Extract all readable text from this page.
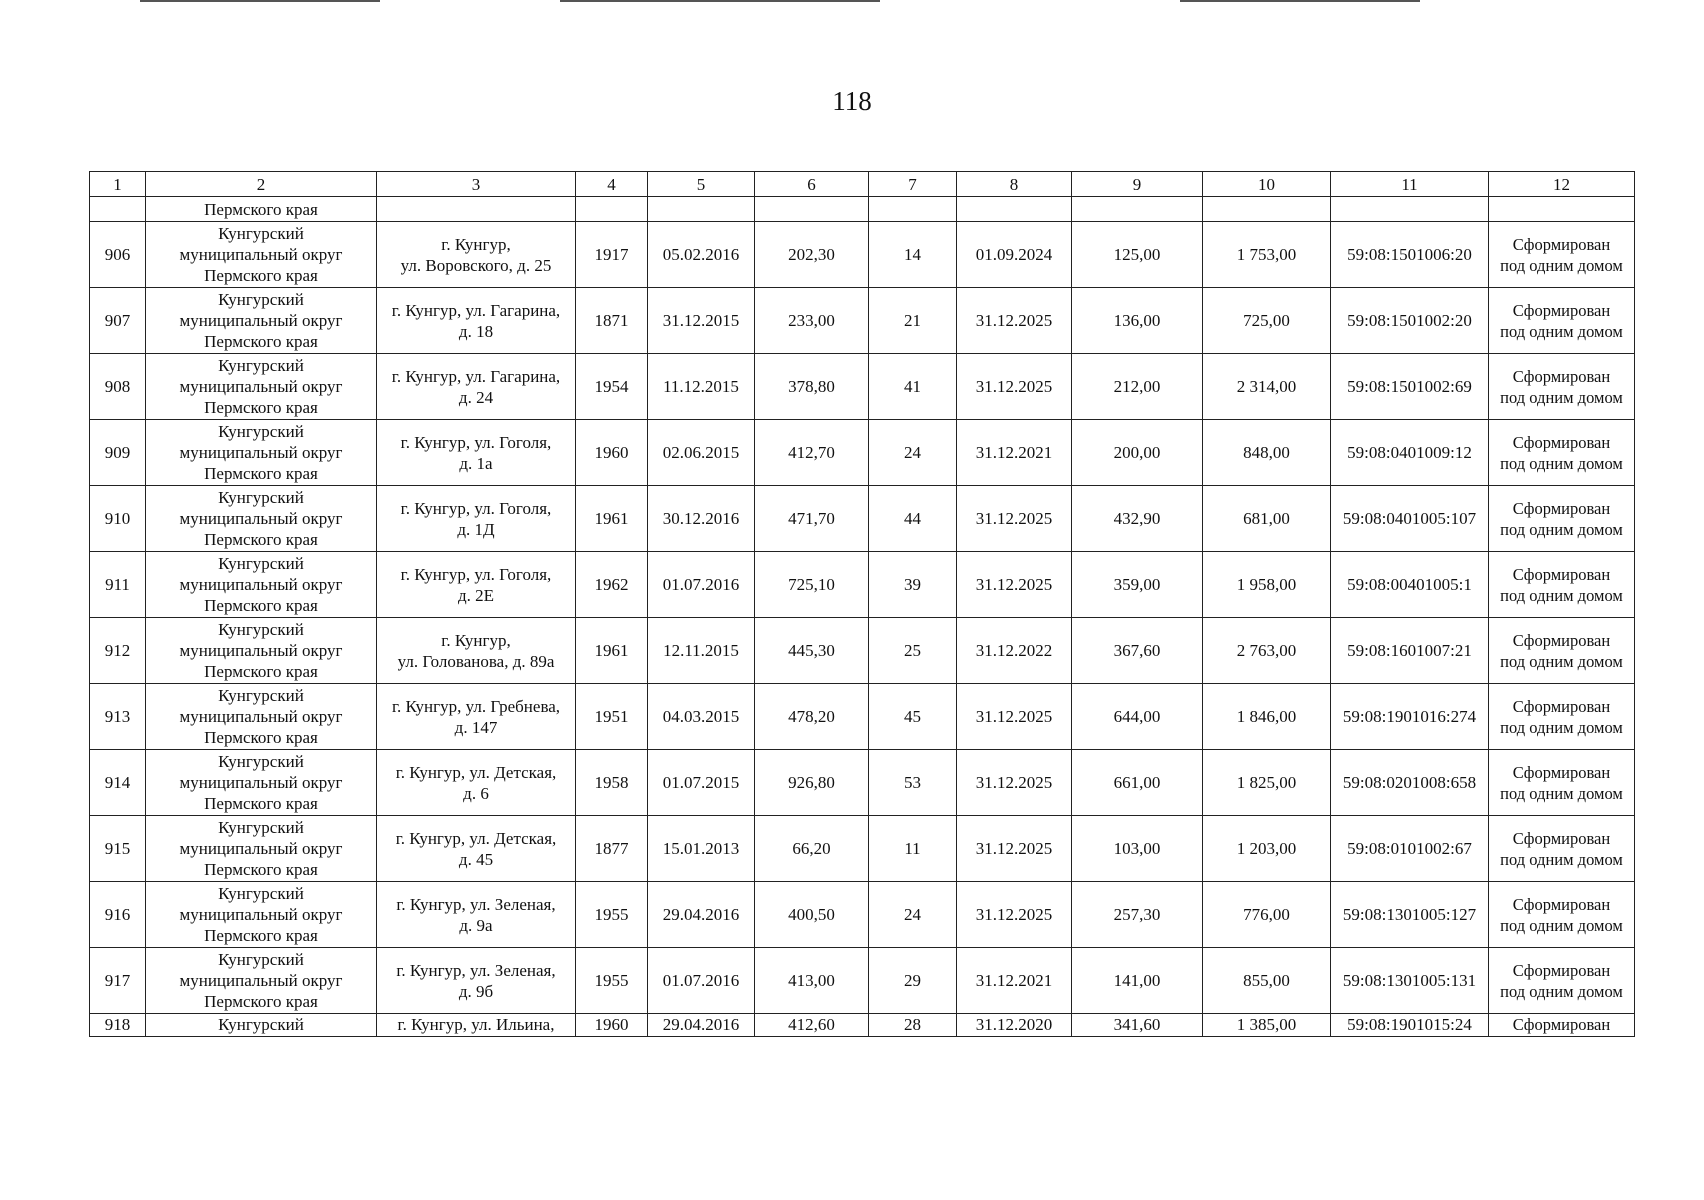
118
1	2	3	4	5	6	7	8	9	10	11	12
	Пермского края										
906	Кунгурский
муниципальный округ
Пермского края	г. Кунгур,
ул. Воровского, д. 25	1917	05.02.2016	202,30	14	01.09.2024	125,00	1 753,00	59:08:1501006:20	Сформирован
под одним домом

907	Кунгурский
муниципальный округ
Пермского края	г. Кунгур, ул. Гагарина,
д. 18	1871	31.12.2015	233,00	21	31.12.2025	136,00	725,00	59:08:1501002:20	Сформирован
под одним домом

908	Кунгурский
муниципальный округ
Пермского края	г. Кунгур, ул. Гагарина,
д. 24	1954	11.12.2015	378,80	41	31.12.2025	212,00	2 314,00	59:08:1501002:69	Сформирован
под одним домом

909	Кунгурский
муниципальный округ
Пермского края	г. Кунгур, ул. Гоголя,
д. 1а	1960	02.06.2015	412,70	24	31.12.2021	200,00	848,00	59:08:0401009:12	Сформирован
под одним домом

910	Кунгурский
муниципальный округ
Пермского края	г. Кунгур, ул. Гоголя,
д. 1Д	1961	30.12.2016	471,70	44	31.12.2025	432,90	681,00	59:08:0401005:107	Сформирован
под одним домом

911	Кунгурский
муниципальный округ
Пермского края	г. Кунгур, ул. Гоголя,
д. 2Е	1962	01.07.2016	725,10	39	31.12.2025	359,00	1 958,00	59:08:00401005:1	Сформирован
под одним домом

912	Кунгурский
муниципальный округ
Пермского края	г. Кунгур,
ул. Голованова, д. 89а	1961	12.11.2015	445,30	25	31.12.2022	367,60	2 763,00	59:08:1601007:21	Сформирован
под одним домом

913	Кунгурский
муниципальный округ
Пермского края	г. Кунгур, ул. Гребнева,
д. 147	1951	04.03.2015	478,20	45	31.12.2025	644,00	1 846,00	59:08:1901016:274	Сформирован
под одним домом

914	Кунгурский
муниципальный округ
Пермского края	г. Кунгур, ул. Детская,
д. 6	1958	01.07.2015	926,80	53	31.12.2025	661,00	1 825,00	59:08:0201008:658	Сформирован
под одним домом

915	Кунгурский
муниципальный округ
Пермского края	г. Кунгур, ул. Детская,
д. 45	1877	15.01.2013	66,20	11	31.12.2025	103,00	1 203,00	59:08:0101002:67	Сформирован
под одним домом

916	Кунгурский
муниципальный округ
Пермского края	г. Кунгур, ул. Зеленая,
д. 9а	1955	29.04.2016	400,50	24	31.12.2025	257,30	776,00	59:08:1301005:127	Сформирован
под одним домом

917	Кунгурский
муниципальный округ
Пермского края	г. Кунгур, ул. Зеленая,
д. 9б	1955	01.07.2016	413,00	29	31.12.2021	141,00	855,00	59:08:1301005:131	Сформирован
под одним домом

918	Кунгурский	г. Кунгур, ул. Ильина,	1960	29.04.2016	412,60	28	31.12.2020	341,60	1 385,00	59:08:1901015:24	Сформирован
